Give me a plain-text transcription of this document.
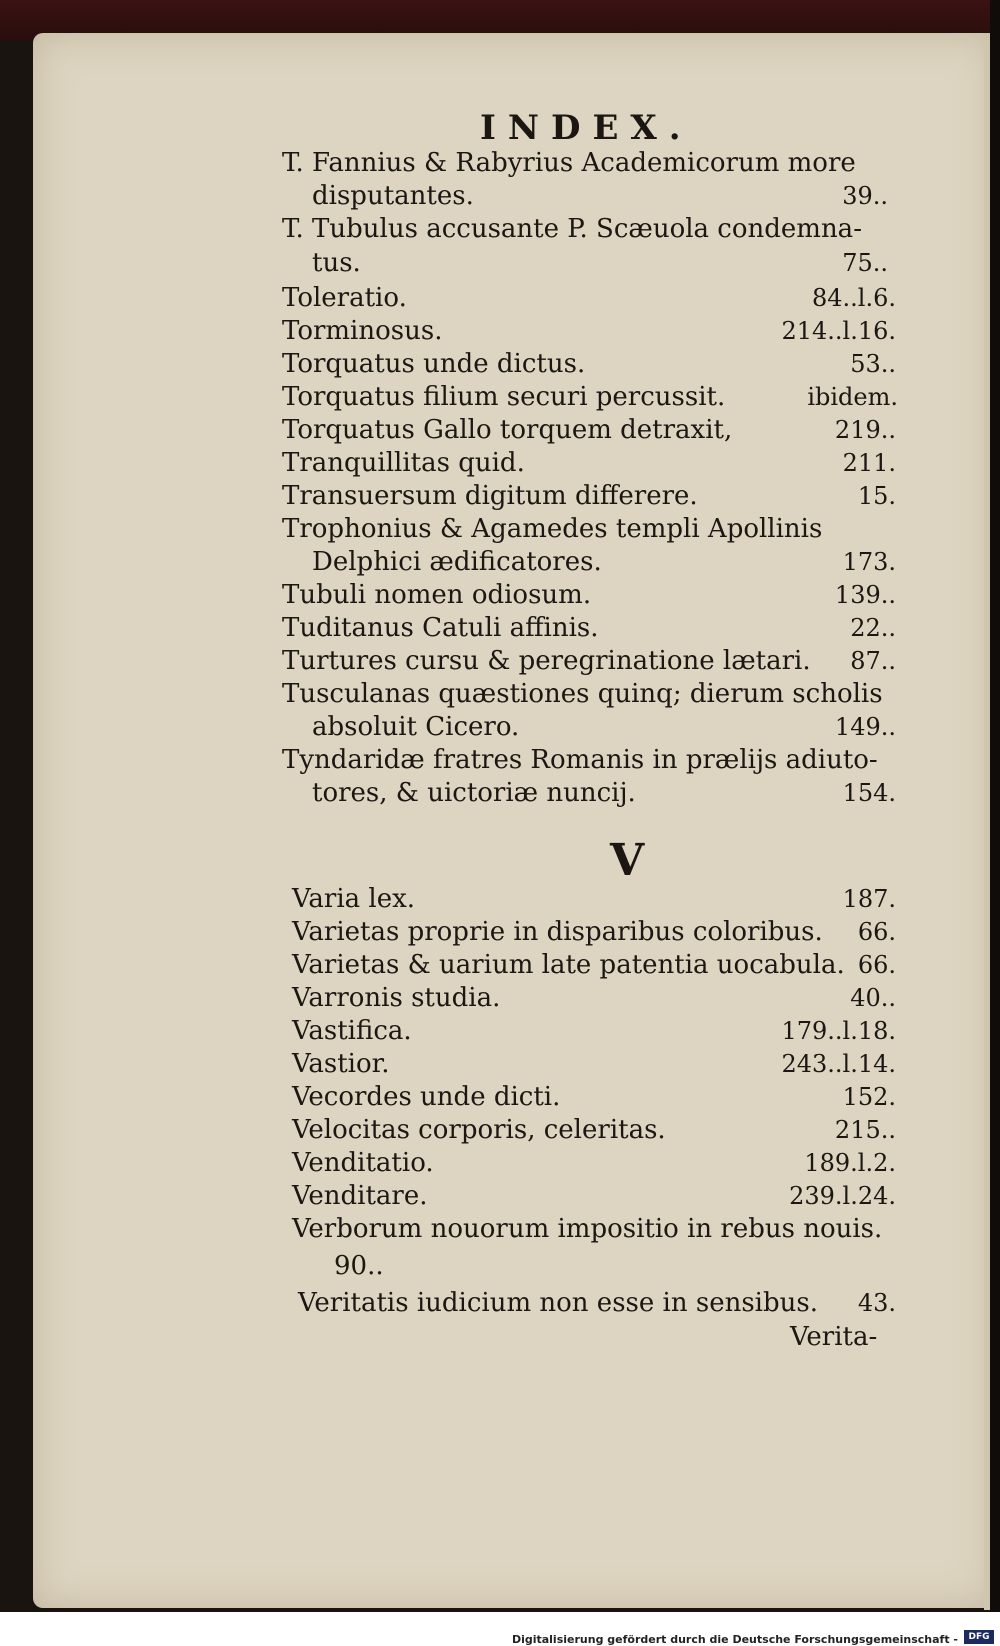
INDEX.
T. Fannius & Rabyrius Academicorum more
disputantes.	39..
T. Tubulus accusante P. Scæuola condemna-
tus.	75..
Toleratio.	84..l.6.
Torminosus.	214..l.16.
Torquatus unde dictus.	53..
Torquatus filium securi percussit.	ibidem.
Torquatus Gallo torquem detraxit,	219..
Tranquillitas quid.	211.
Transuersum digitum differere.	15.
Trophonius & Agamedes templi Apollinis
Delphici ædificatores.	173.
Tubuli nomen odiosum.	139..
Tuditanus Catuli affinis.	22..
Turtures cursu & peregrinatione lætari. 87..
Tusculanas quæstiones quinq; dierum scholis
absoluit Cicero.	149..
Tyndaridæ fratres Romanis in prælijs adiuto-
tores, & uictoriæ nuncij.	154.
V
Varia lex.	187.
Varietas proprie in disparibus coloribus. 66.
Varietas & uarium late patentia uocabula. 66.
Varronis studia.	40..
Vastifica.	179..l.18.
Vastior.	243..l.14.
Vecordes unde dicti.	152.
Velocitas corporis, celeritas.	215..
Venditatio.	189.l.2.
Venditare.	239.l.24.
Verborum nouorum impositio in rebus nouis.
90..
Veritatis iudicium non esse in sensibus. 43.
Verita-
Digitalisierung gefördert durch die Deutsche Forschungsgemeinschaft -	DFG
